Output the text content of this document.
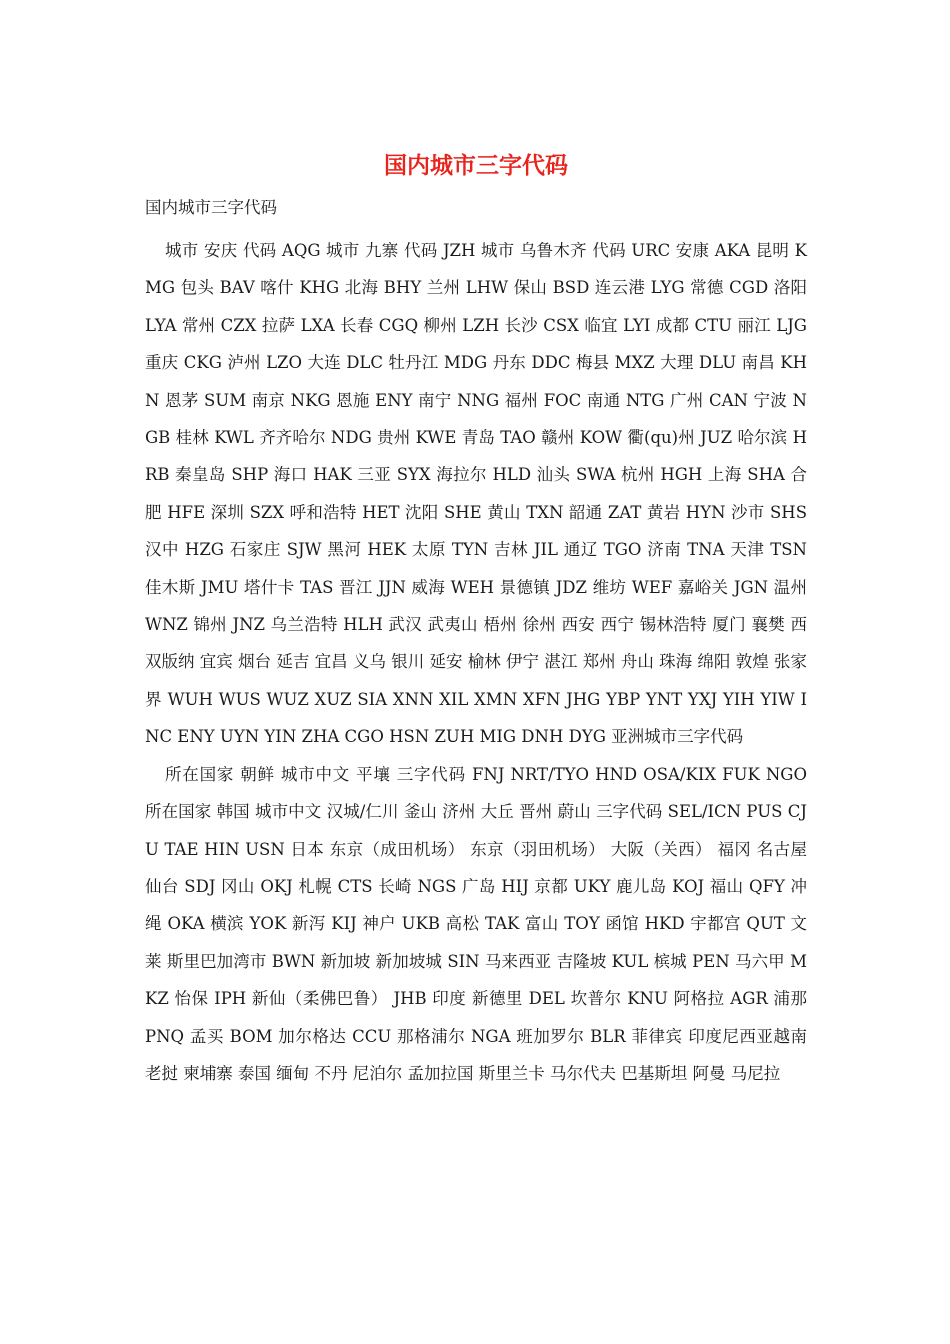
国内城市三字代码
国内城市三字代码

城市 安庆 代码 AQG 城市 九寨 代码 JZH 城市 乌鲁木齐 代码 URC 安康 AKA 昆明 KMG 包头 BAV 喀什 KHG 北海 BHY 兰州 LHW 保山 BSD 连云港 LYG 常德 CGD 洛阳 LYA 常州 CZX 拉萨 LXA 长春 CGQ 柳州 LZH 长沙 CSX 临宜 LYI 成都 CTU 丽江 LJG 重庆 CKG 泸州 LZO 大连 DLC 牡丹江 MDG 丹东 DDC 梅县 MXZ 大理 DLU 南昌 KHN 恩茅 SUM 南京 NKG 恩施 ENY 南宁 NNG 福州 FOC 南通 NTG 广州 CAN 宁波 NGB 桂林 KWL 齐齐哈尔 NDG 贵州 KWE 青岛 TAO 赣州 KOW 衢(qu)州 JUZ 哈尔滨 HRB 秦皇岛 SHP 海口 HAK 三亚 SYX 海拉尔 HLD 汕头 SWA 杭州 HGH 上海 SHA 合肥 HFE 深圳 SZX 呼和浩特 HET 沈阳 SHE 黄山 TXN 韶通 ZAT 黄岩 HYN 沙市 SHS 汉中 HZG 石家庄 SJW 黑河 HEK 太原 TYN 吉林 JIL 通辽 TGO 济南 TNA 天津 TSN 佳木斯 JMU 塔什卡 TAS 晋江 JJN 威海 WEH 景德镇 JDZ 维坊 WEF 嘉峪关 JGN 温州 WNZ 锦州 JNZ 乌兰浩特 HLH 武汉 武夷山 梧州 徐州 西安 西宁 锡林浩特 厦门 襄樊 西双版纳 宜宾 烟台 延吉 宜昌 义乌 银川 延安 榆林 伊宁 湛江 郑州 舟山 珠海 绵阳 敦煌 张家界 WUH WUS WUZ XUZ SIA XNN XIL XMN XFN JHG YBP YNT YXJ YIH YIW INC ENY UYN YIN ZHA CGO HSN ZUH MIG DNH DYG 亚洲城市三字代码

所在国家 朝鲜 城市中文 平壤 三字代码 FNJ NRT/TYO HND OSA/KIX FUK NGO 所在国家 韩国 城市中文 汉城/仁川 釜山 济州 大丘 晋州 蔚山 三字代码 SEL/ICN PUS CJU TAE HIN USN 日本 东京（成田机场） 东京（羽田机场） 大阪（关西） 福冈 名古屋 仙台 SDJ 冈山 OKJ 札幌 CTS 长崎 NGS 广岛 HIJ 京都 UKY 鹿儿岛 KOJ 福山 QFY 冲绳 OKA 横滨 YOK 新泻 KIJ 神户 UKB 高松 TAK 富山 TOY 函馆 HKD 宇都宫 QUT 文莱 斯里巴加湾市 BWN 新加坡 新加坡城 SIN 马来西亚 吉隆坡 KUL 槟城 PEN 马六甲 MKZ 怡保 IPH 新仙（柔佛巴鲁） JHB 印度 新德里 DEL 坎普尔 KNU 阿格拉 AGR 浦那 PNQ 孟买 BOM 加尔格达 CCU 那格浦尔 NGA 班加罗尔 BLR 菲律宾 印度尼西亚越南 老挝 柬埔寨 泰国 缅甸 不丹 尼泊尔 孟加拉国 斯里兰卡 马尔代夫 巴基斯坦 阿曼 马尼拉
